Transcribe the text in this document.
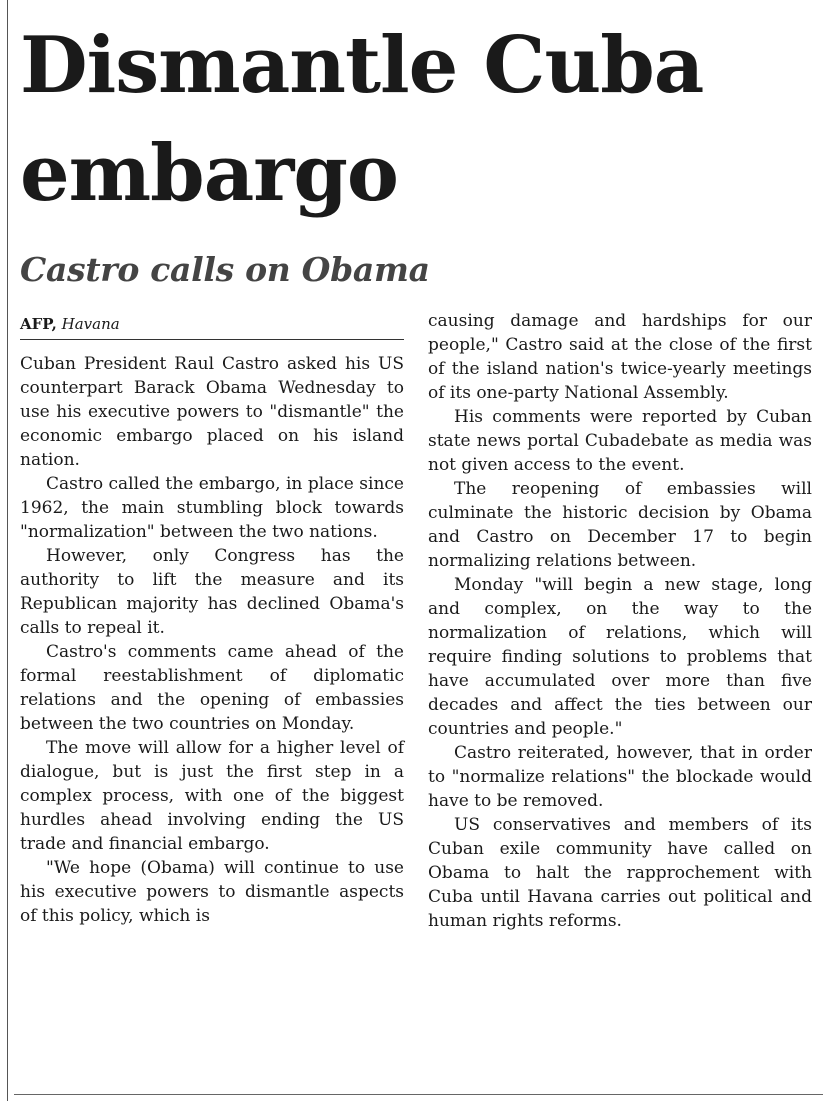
Dismantle Cuba embargo
Castro calls on Obama
AFP, Havana

Cuban President Raul Castro asked his US counterpart Barack Obama Wednesday to use his executive powers to "dismantle" the economic embargo placed on his island nation.

Castro called the embargo, in place since 1962, the main stumbling block towards "normalization" between the two nations.

However, only Congress has the authority to lift the measure and its Republican majority has declined Obama's calls to repeal it.

Castro's comments came ahead of the formal reestablishment of diplomatic relations and the opening of embassies between the two countries on Monday.

The move will allow for a higher level of dialogue, but is just the first step in a complex process, with one of the biggest hurdles ahead involving ending the US trade and financial embargo.

"We hope (Obama) will continue to use his executive powers to dismantle aspects of this policy, which is

causing damage and hardships for our people," Castro said at the close of the first of the island nation's twice-yearly meetings of its one-party National Assembly.

His comments were reported by Cuban state news portal Cubadebate as media was not given access to the event.

The reopening of embassies will culminate the historic decision by Obama and Castro on December 17 to begin normalizing relations between.

Monday "will begin a new stage, long and complex, on the way to the normalization of relations, which will require finding solutions to problems that have accumulated over more than five decades and affect the ties between our countries and people."

Castro reiterated, however, that in order to "normalize relations" the blockade would have to be removed.

US conservatives and members of its Cuban exile community have called on Obama to halt the rapprochement with Cuba until Havana carries out political and human rights reforms.
